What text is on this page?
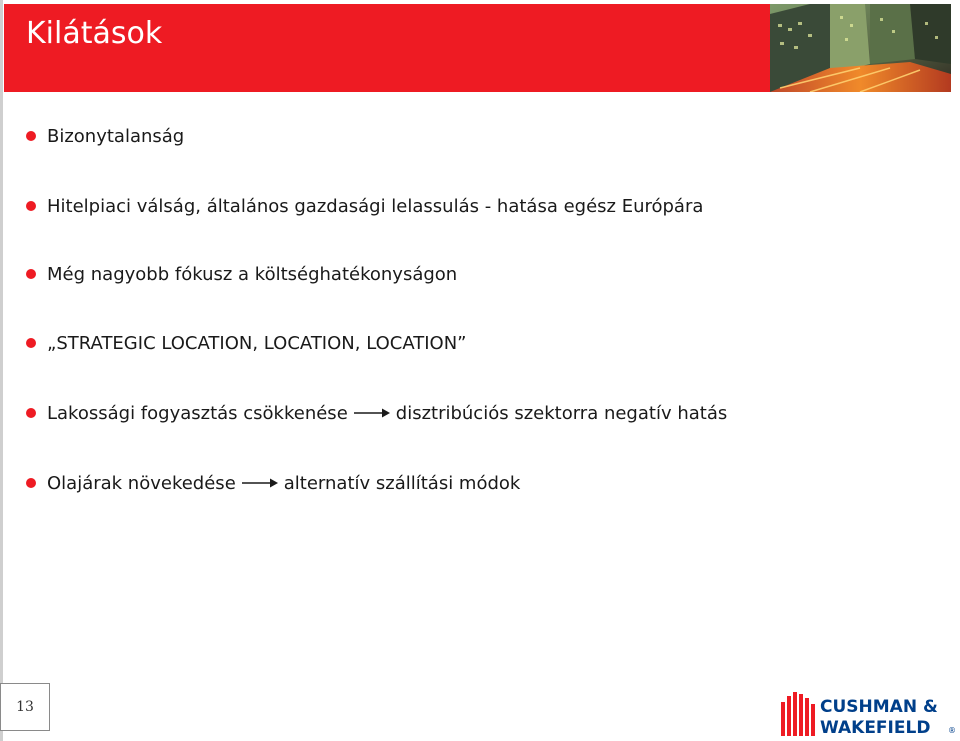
Kilátások
Bizonytalanság
Hitelpiaci válság, általános gazdasági lelassulás - hatása egész Európára
Még nagyobb fókusz a költséghatékonyságon
„STRATEGIC LOCATION, LOCATION, LOCATION”
Lakossági fogyasztás csökkenése	disztribúciós szektorra negatív hatás
Olajárak növekedése	alternatív szállítási módok
13	CUSHMAN &
WAKEFIELD ®
